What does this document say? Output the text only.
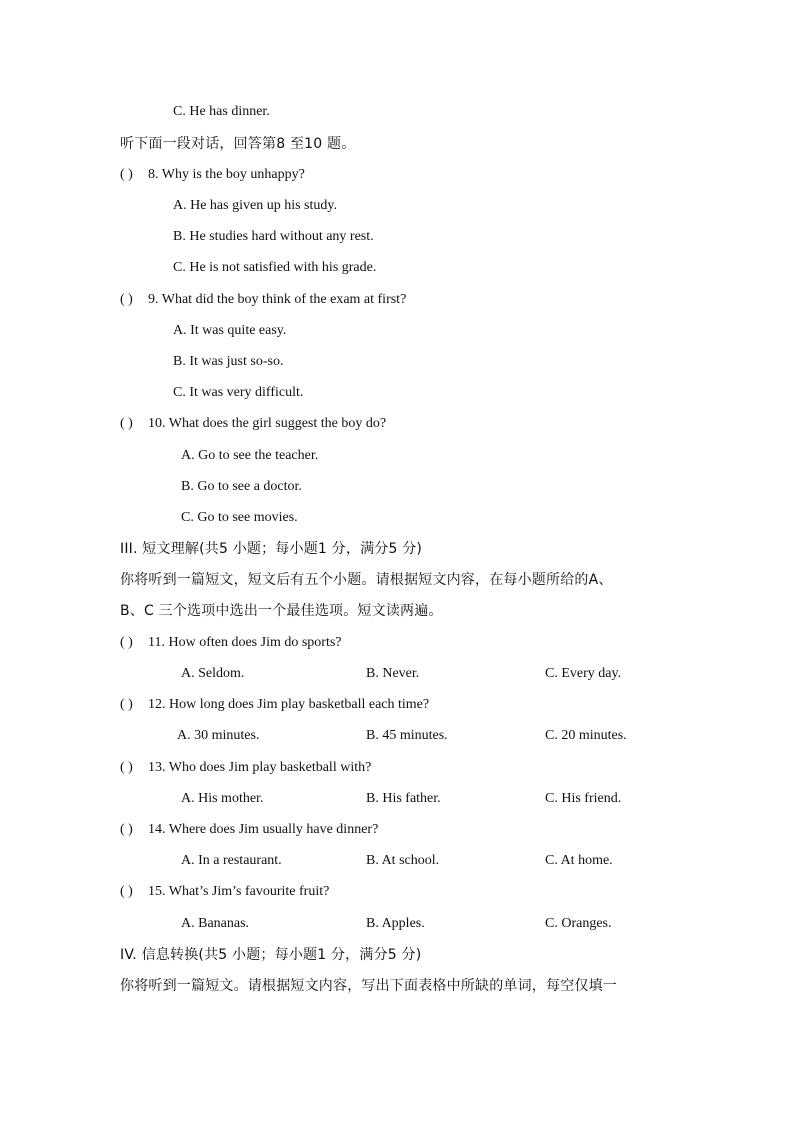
C. He has dinner.
听下面一段对话，回答第8 至10 题。
( ) 8. Why is the boy unhappy?
A. He has given up his study.
B. He studies hard without any rest.
C. He is not satisfied with his grade.
( ) 9. What did the boy think of the exam at first?
A. It was quite easy.
B. It was just so-so.
C. It was very difficult.
( ) 10. What does the girl suggest the boy do?
A. Go to see the teacher.
B. Go to see a doctor.
C. Go to see movies.
III. 短文理解(共5 小题；每小题1 分，满分5 分)
你将听到一篇短文，短文后有五个小题。请根据短文内容，在每小题所给的A、
B、C 三个选项中选出一个最佳选项。短文读两遍。
( ) 11. How often does Jim do sports?
A. Seldom.	B. Never.	C. Every day.
( ) 12. How long does Jim play basketball each time?
A. 30 minutes.	B. 45 minutes.	C. 20 minutes.
( ) 13. Who does Jim play basketball with?
A. His mother.	B. His father.	C. His friend.
( ) 14. Where does Jim usually have dinner?
A. In a restaurant.	B. At school.	C. At home.
( ) 15. What’s Jim’s favourite fruit?
A. Bananas.	B. Apples.	C. Oranges.
IV. 信息转换(共5 小题；每小题1 分，满分5 分)
你将听到一篇短文。请根据短文内容，写出下面表格中所缺的单词，每空仅填一
